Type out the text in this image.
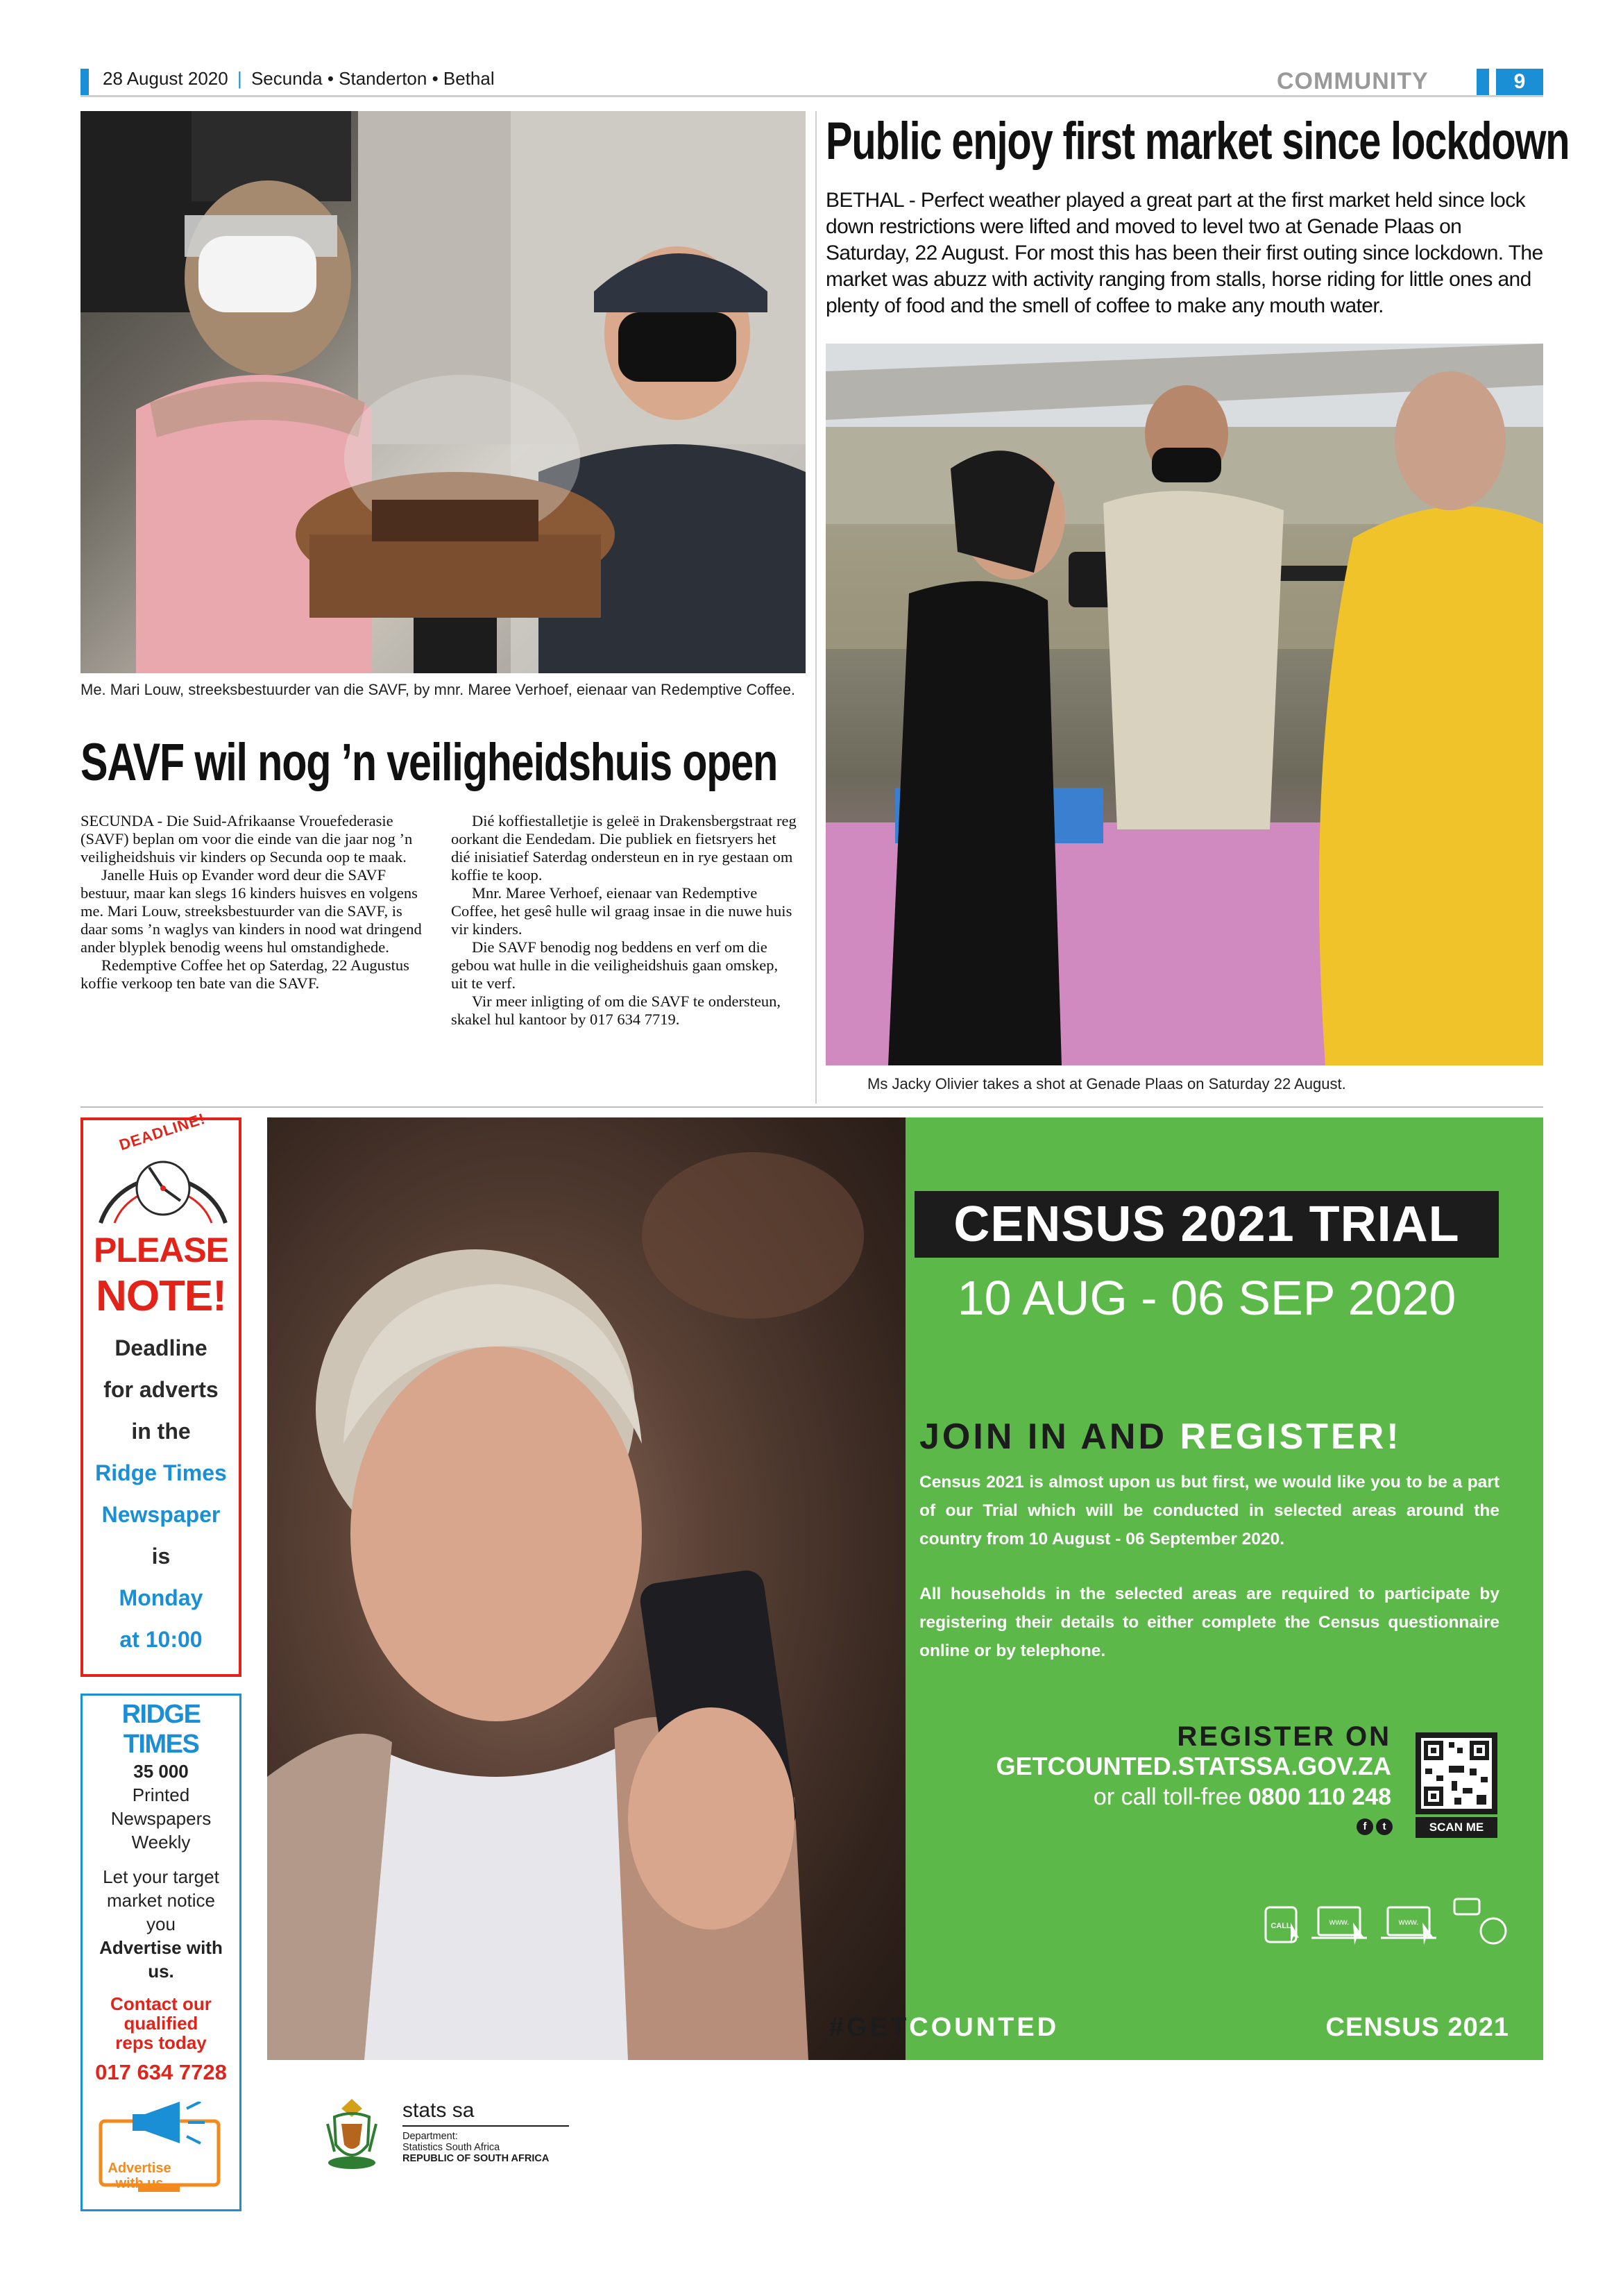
28 August 2020 | Secunda • Standerton • Bethal	COMMUNITY	9
Me. Mari Louw, streeksbestuurder van die SAVF, by mnr. Maree Verhoef, eienaar van Redemptive Coffee.
SAVF wil nog ’n veiligheidshuis open

SECUNDA - Die Suid-Afrikaanse Vrouefederasie (SAVF) beplan om voor die einde van die jaar nog ’n veiligheidshuis vir kinders op Secunda oop te maak.

Janelle Huis op Evander word deur die SAVF bestuur, maar kan slegs 16 kinders huisves en volgens me. Mari Louw, streeksbestuurder van die SAVF, is daar soms ’n waglys van kinders in nood wat dringend ander blyplek benodig weens hul omstandighede.

Redemptive Coffee het op Saterdag, 22 Augustus koffie verkoop ten bate van die SAVF.

Dié koffiestalletjie is geleë in Drakensbergstraat reg oorkant die Eendedam. Die publiek en fietsryers het dié inisiatief Saterdag ondersteun en in rye gestaan om koffie te koop.

Mnr. Maree Verhoef, eienaar van Redemptive Coffee, het gesê hulle wil graag insae in die nuwe huis vir kinders.

Die SAVF benodig nog beddens en verf om die gebou wat hulle in die veiligheidshuis gaan omskep, uit te verf.

Vir meer inligting of om die SAVF te ondersteun, skakel hul kantoor by 017 634 7719.

Public enjoy first market since lockdown
BETHAL - Perfect weather played a great part at the first market held since lock down restrictions were lifted and moved to level two at Genade Plaas on Saturday, 22 August. For most this has been their first outing since lockdown. The market was abuzz with activity ranging from stalls, horse riding for little ones and plenty of food and the smell of coffee to make any mouth water.
Ms Jacky Olivier takes a shot at Genade Plaas on Saturday 22 August.
DEADLINE!
PLEASE
NOTE!
Deadline
for adverts
in the
Ridge Times
Newspaper
is
Monday
at 10:00
RIDGE TIMES
35 000
Printed
Newspapers
Weekly
Let your target
market notice
you
Advertise with
us.
Contact our
qualified
reps today
017 634 7728
Advertise
with us
CENSUS 2021 TRIAL
10 AUG - 06 SEP 2020
JOIN IN AND REGISTER!
Census 2021 is almost upon us but first, we would like you to be a part of our Trial which will be conducted in selected areas around the country from 10 August - 06 September 2020.
All households in the selected areas are required to participate by registering their details to either complete the Census questionnaire online or by telephone.
REGISTER ON
GETCOUNTED.STATSSA.GOV.ZA
or call toll-free 0800 110 248
f	t	SCAN ME
CALL	www.	www.
#GETCOUNTED	CENSUS 2021
stats sa
Department:
Statistics South Africa
REPUBLIC OF SOUTH AFRICA
